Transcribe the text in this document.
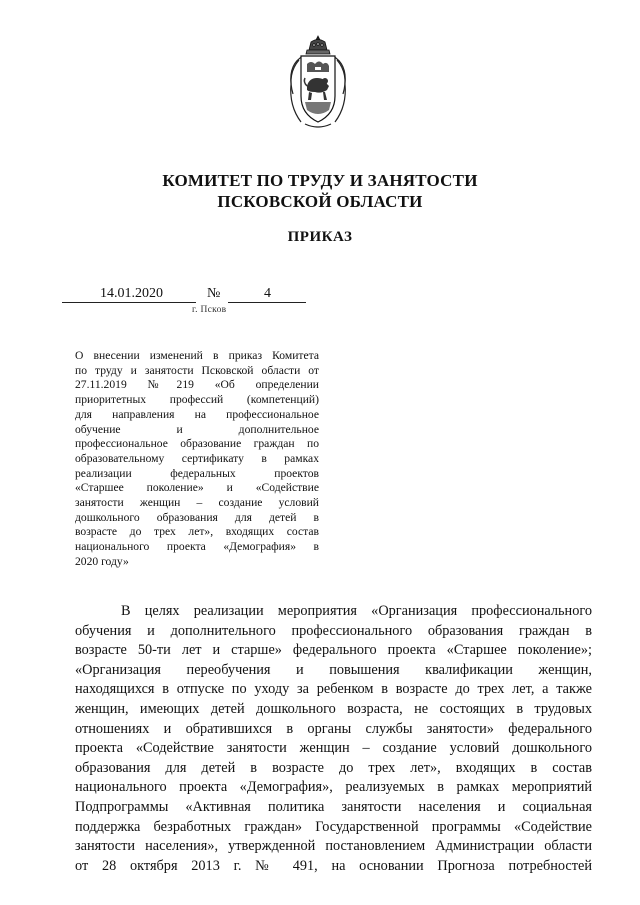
КОМИТЕТ ПО ТРУДУ И ЗАНЯТОСТИ
ПСКОВСКОЙ ОБЛАСТИ
ПРИКАЗ
14.01.2020	№	4
г. Псков
О внесении изменений в приказ Комитета
по труду и занятости Псковской области от
27.11.2019 №219 «Об определении
приоритетных профессий (компетенций)
для направления на профессиональное
обучение и дополнительное
профессиональное образование граждан по
образовательному сертификату в рамках
реализации федеральных проектов
«Старшее поколение» и «Содействие
занятости женщин – создание условий
дошкольного образования для детей в
возрасте до трех лет», входящих состав
национального проекта «Демография» в
2020 году»
В целях реализации мероприятия «Организация профессионального
обучения и дополнительного профессионального образования граждан в
возрасте 50-ти лет и старше» федерального проекта «Старшее поколение»;
«Организация переобучения и повышения квалификации женщин,
находящихся в отпуске по уходу за ребенком в возрасте до трех лет, а также
женщин, имеющих детей дошкольного возраста, не состоящих в трудовых
отношениях и обратившихся в органы службы занятости» федерального
проекта «Содействие занятости женщин – создание условий дошкольного
образования для детей в возрасте до трех лет», входящих в состав
национального проекта «Демография», реализуемых в рамках мероприятий
Подпрограммы «Активная политика занятости населения и социальная
поддержка безработных граждан» Государственной программы «Содействие
занятости населения», утвержденной постановлением Администрации области
от 28 октября 2013 г. № 491, на основании Прогноза потребностей
